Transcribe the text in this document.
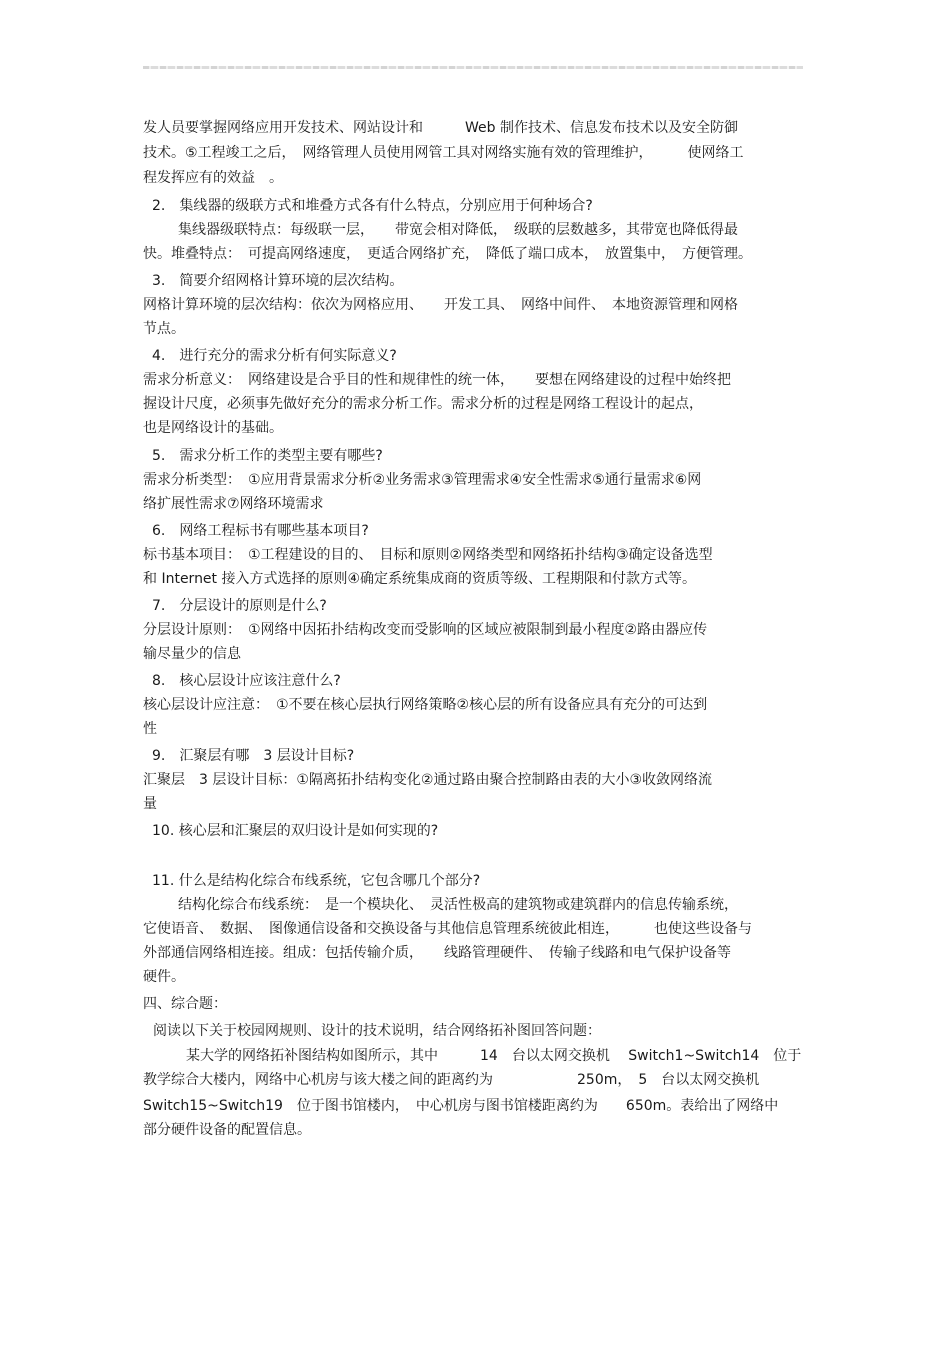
发人员要掌握网络应用开发技术、网站设计和　　　Web 制作技术、信息发布技术以及安全防御
技术。⑤工程竣工之后，　网络管理人员使用网管工具对网络实施有效的管理维护，　　　使网络工
程发挥应有的效益　。
2.　集线器的级联方式和堆叠方式各有什么特点，分别应用于何种场合?
集线器级联特点：每级联一层，　　带宽会相对降低，　级联的层数越多，其带宽也降低得最
快。堆叠特点：　可提高网络速度，　更适合网络扩充，　降低了端口成本，　放置集中，　方便管理。
3.　简要介绍网格计算环境的层次结构。
网格计算环境的层次结构：依次为网格应用、　　开发工具、　网络中间件、　本地资源管理和网格
节点。
4.　进行充分的需求分析有何实际意义?
需求分析意义：　网络建设是合乎目的性和规律性的统一体，　　要想在网络建设的过程中始终把
握设计尺度，必须事先做好充分的需求分析工作。需求分析的过程是网络工程设计的起点，
也是网络设计的基础。
5.　需求分析工作的类型主要有哪些?
需求分析类型：　①应用背景需求分析②业务需求③管理需求④安全性需求⑤通行量需求⑥网
络扩展性需求⑦网络环境需求
6.　网络工程标书有哪些基本项目?
标书基本项目：　①工程建设的目的、　目标和原则②网络类型和网络拓扑结构③确定设备选型
和 Internet 接入方式选择的原则④确定系统集成商的资质等级、工程期限和付款方式等。
7.　分层设计的原则是什么?
分层设计原则：　①网络中因拓扑结构改变而受影响的区域应被限制到最小程度②路由器应传
输尽量少的信息
8.　核心层设计应该注意什么?
核心层设计应注意：　①不要在核心层执行网络策略②核心层的所有设备应具有充分的可达到
性
9.　汇聚层有哪　3 层设计目标?
汇聚层　3 层设计目标：①隔离拓扑结构变化②通过路由聚合控制路由表的大小③收敛网络流
量
10. 核心层和汇聚层的双归设计是如何实现的?
11. 什么是结构化综合布线系统，它包含哪几个部分?
结构化综合布线系统：　是一个模块化、　灵活性极高的建筑物或建筑群内的信息传输系统，
它使语音、　数据、　图像通信设备和交换设备与其他信息管理系统彼此相连，　　　也使这些设备与
外部通信网络相连接。组成：包括传输介质，　　线路管理硬件、　传输子线路和电气保护设备等
硬件。
四、综合题：
阅读以下关于校园网规则、设计的技术说明，结合网络拓补图回答问题：
某大学的网络拓补图结构如图所示，其中　　　14　台以太网交换机　 Switch1~Switch14　位于
教学综合大楼内，网络中心机房与该大楼之间的距离约为　　　　　　250m，　5　台以太网交换机
Switch15~Switch19　位于图书馆楼内，　中心机房与图书馆楼距离约为　　650m。表给出了网络中
部分硬件设备的配置信息。
